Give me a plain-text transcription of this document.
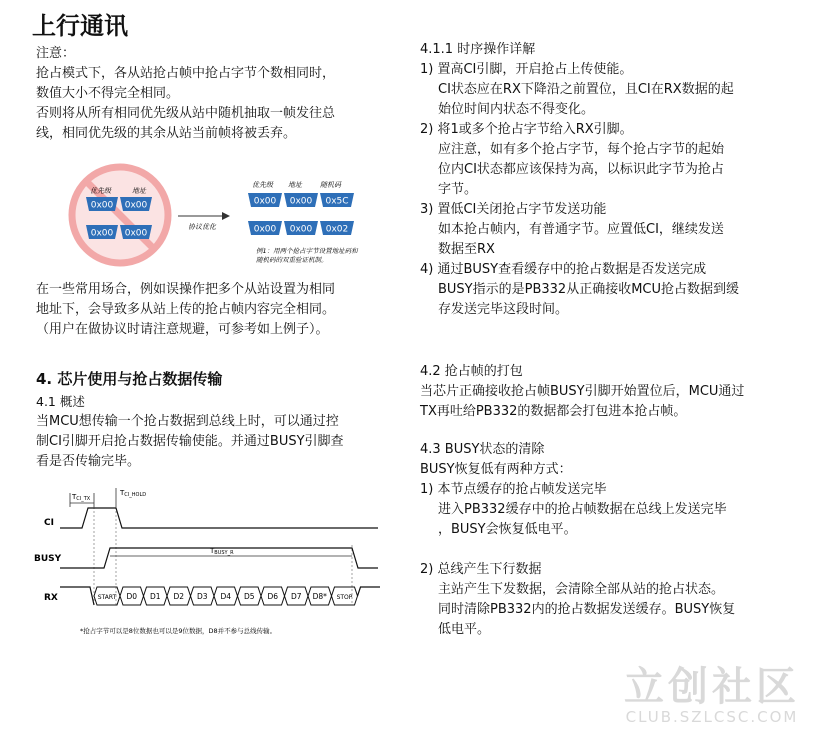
上行通讯
注意：
抢占模式下，各从站抢占帧中抢占字节个数相同时，
数值大小不得完全相同。
否则将从所有相同优先级从站中随机抽取一帧发往总
线，相同优先级的其余从站当前帧将被丢弃。
优先级	地址
0x00 0x00
0x00 0x00
协议优化
优先级 地址	随机码
0x00 0x00 0x5C
0x00 0x00 0x02
例1：用两个抢占字节设置地址码和
随机码的双重验证机制。
在一些常用场合，例如误操作把多个从站设置为相同
地址下，会导致多从站上传的抢占帧内容完全相同。
（用户在做协议时请注意规避，可参考如上例子）。
4. 芯片使用与抢占数据传输
4.1 概述
当MCU想传输一个抢占数据到总线上时，可以通过控
制CI引脚开启抢占数据传输使能。并通过BUSY引脚查
看是否传输完毕。
TCI_TX
TCI_HOLD
CI
BUSY
TBUSY_R
RX	START D0 D1 D2 D3 D4 D5 D6 D7 D8* STOP
*抢占字节可以是8位数据也可以是9位数据，D8并不参与总线传输。
4.1.1 时序操作详解
1) 置高CI引脚，开启抢占上传使能。
CI状态应在RX下降沿之前置位，且CI在RX数据的起
始位时间内状态不得变化。
2) 将1或多个抢占字节给入RX引脚。
应注意，如有多个抢占字节，每个抢占字节的起始
位内CI状态都应该保持为高，以标识此字节为抢占
字节。
3) 置低CI关闭抢占字节发送功能
如本抢占帧内，有普通字节。应置低CI，继续发送
数据至RX
4) 通过BUSY查看缓存中的抢占数据是否发送完成
BUSY指示的是PB332从正确接收MCU抢占数据到缓
存发送完毕这段时间。
4.2 抢占帧的打包
当芯片正确接收抢占帧BUSY引脚开始置位后，MCU通过
TX再吐给PB332的数据都会打包进本抢占帧。
4.3 BUSY状态的清除
BUSY恢复低有两种方式：
1) 本节点缓存的抢占帧发送完毕
进入PB332缓存中的抢占帧数据在总线上发送完毕
，BUSY会恢复低电平。
2) 总线产生下行数据
主站产生下发数据，会清除全部从站的抢占状态。
同时清除PB332内的抢占数据发送缓存。BUSY恢复
低电平。
立创社区
CLUB.SZLCSC.COM
